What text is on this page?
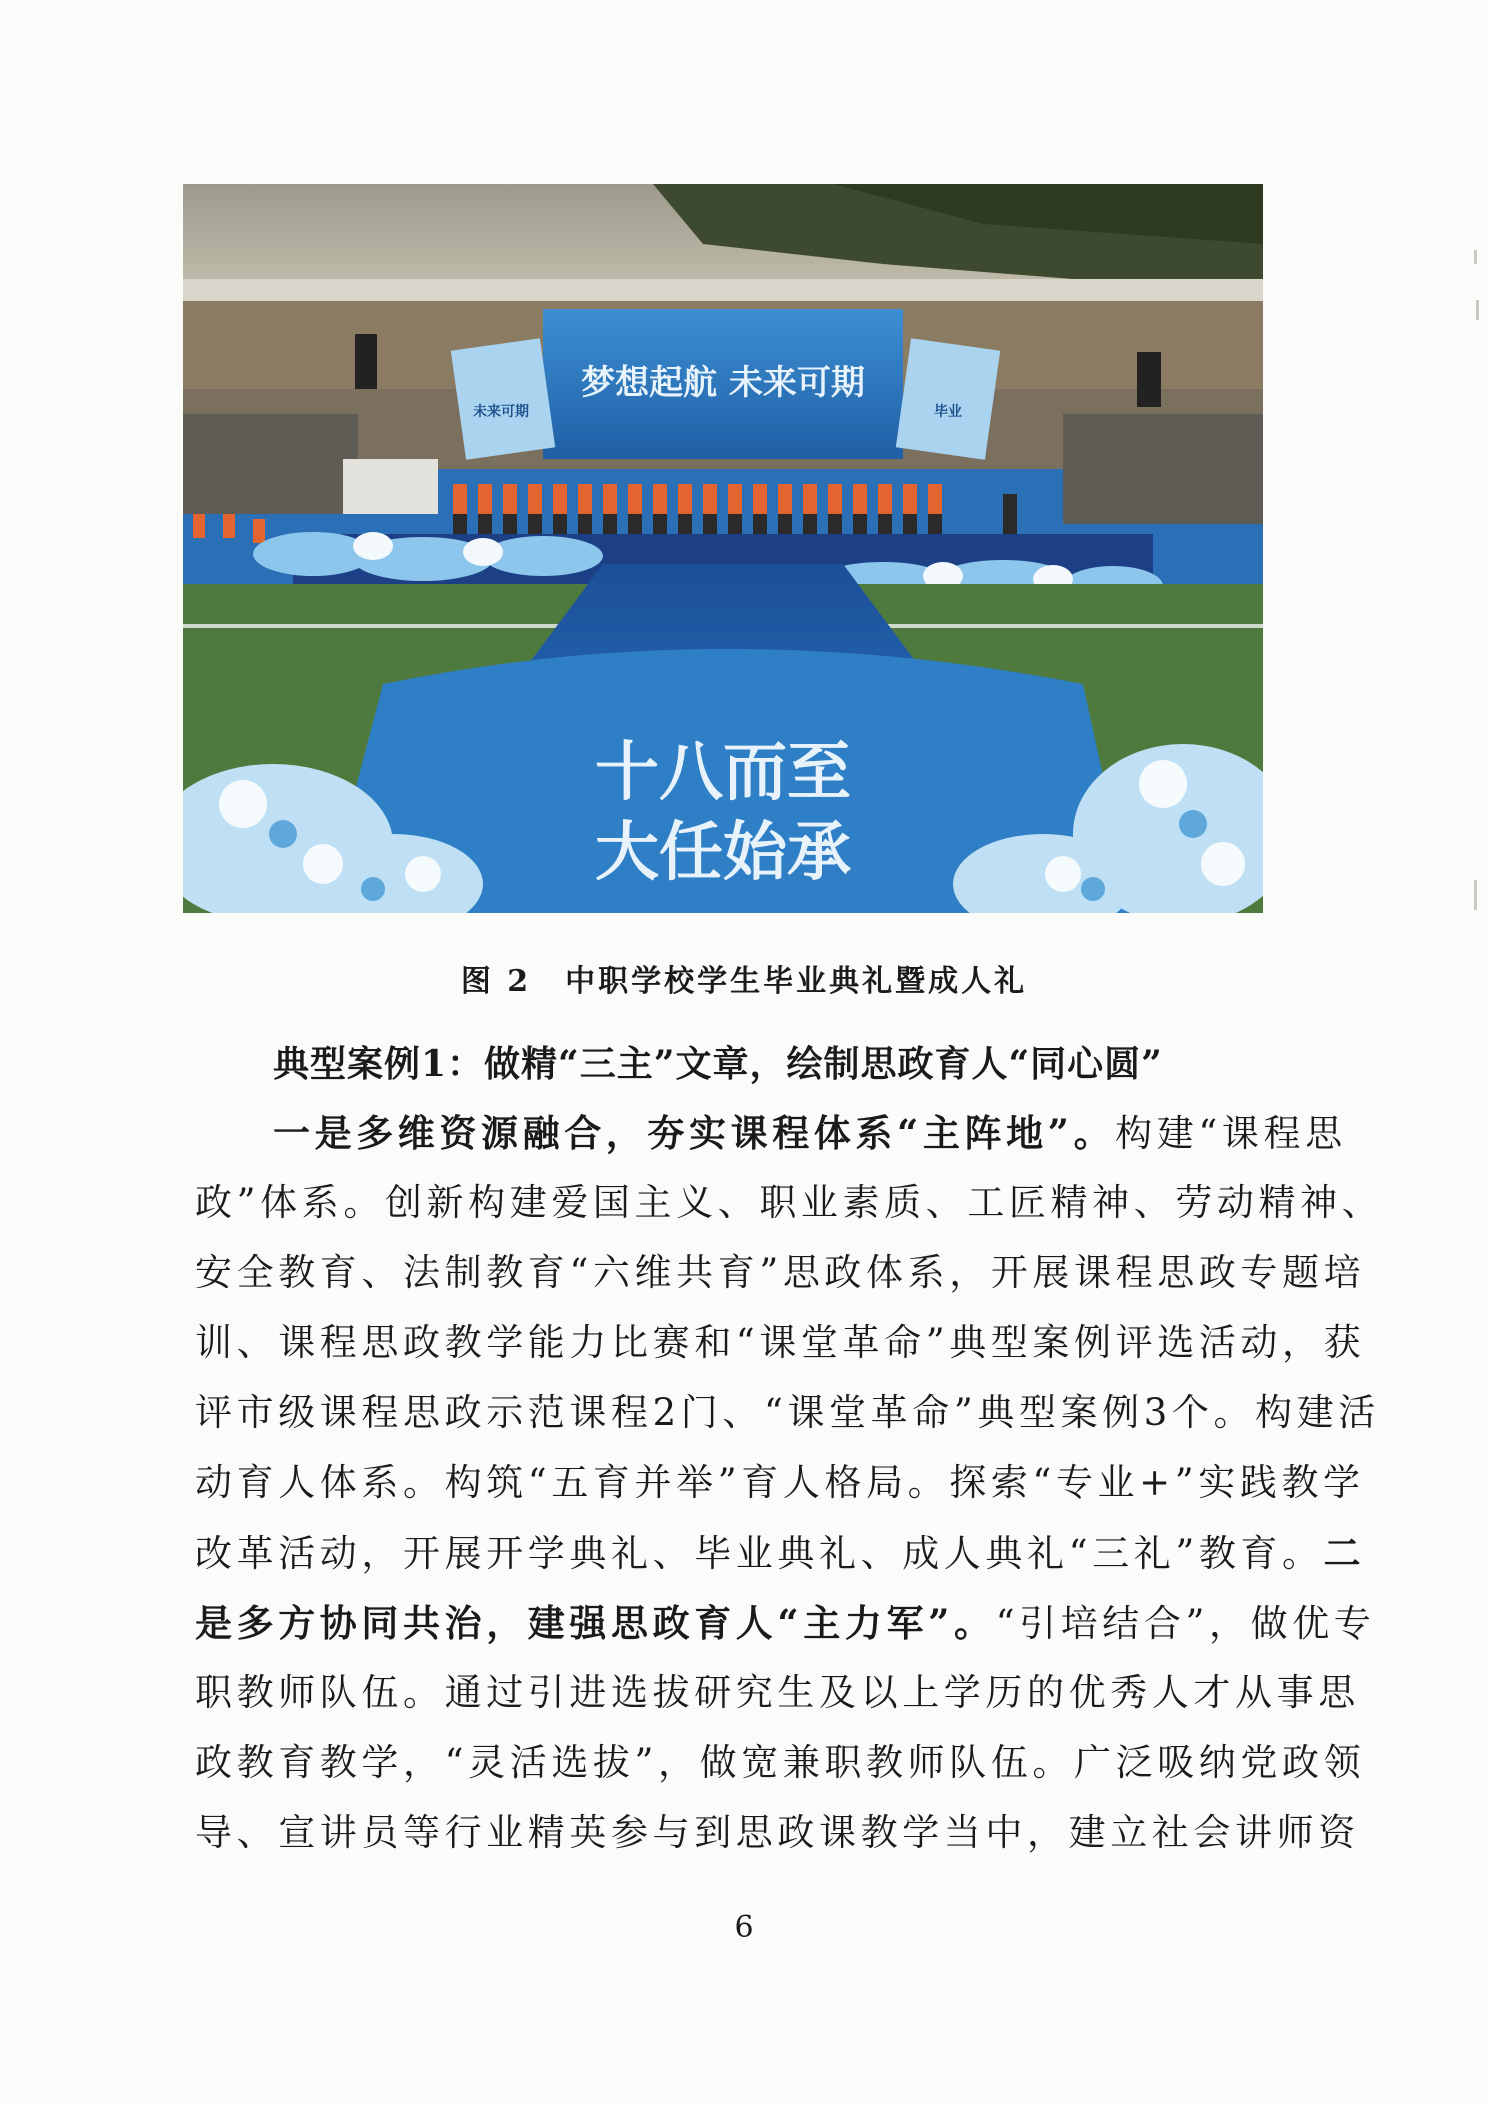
梦想起航 未来可期
未来可期	毕业
十八而至
大任始承
图 2 中职学校学生毕业典礼暨成人礼
典型案例1：做精“三主”文章，绘制思政育人“同心圆”
一是多维资源融合，夯实课程体系“主阵地”。构建“课程思
政”体系。创新构建爱国主义、职业素质、工匠精神、劳动精神、
安全教育、法制教育“六维共育”思政体系，开展课程思政专题培
训、课程思政教学能力比赛和“课堂革命”典型案例评选活动，获
评市级课程思政示范课程2门、“课堂革命”典型案例3个。构建活
动育人体系。构筑“五育并举”育人格局。探索“专业+”实践教学
改革活动，开展开学典礼、毕业典礼、成人典礼“三礼”教育。二
是多方协同共治，建强思政育人“主力军”。“引培结合”，做优专
职教师队伍。通过引进选拔研究生及以上学历的优秀人才从事思
政教育教学，“灵活选拔”，做宽兼职教师队伍。广泛吸纳党政领
导、宣讲员等行业精英参与到思政课教学当中，建立社会讲师资
6
